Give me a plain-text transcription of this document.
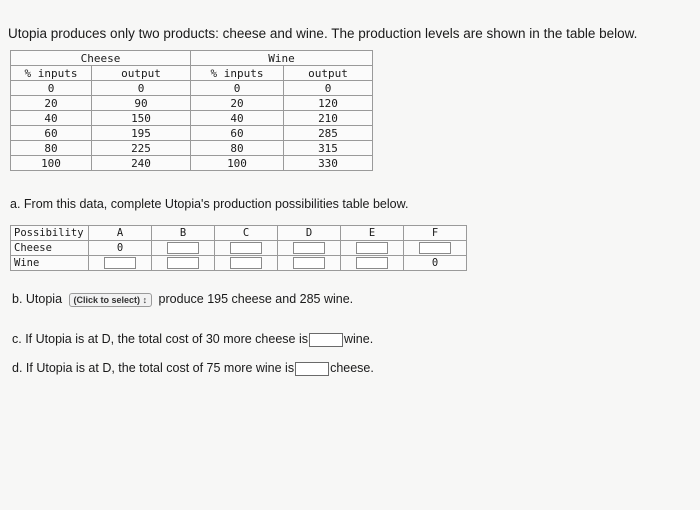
Utopia produces only two products: cheese and wine. The production levels are shown in the table below.
Cheese		Wine	
% inputs	output	% inputs	output
0	0	0	0
20	90	20	120
40	150	40	210
60	195	60	285
80	225	80	315
100	240	100	330
a. From this data, complete Utopia's production possibilities table below.
Possibility	A	B	C	D	E	F
Cheese	0					
Wine						0
b. Utopia (Click to select) ↕ produce 195 cheese and 285 wine.
c. If Utopia is at D, the total cost of 30 more cheese is	wine.
d. If Utopia is at D, the total cost of 75 more wine is	cheese.
